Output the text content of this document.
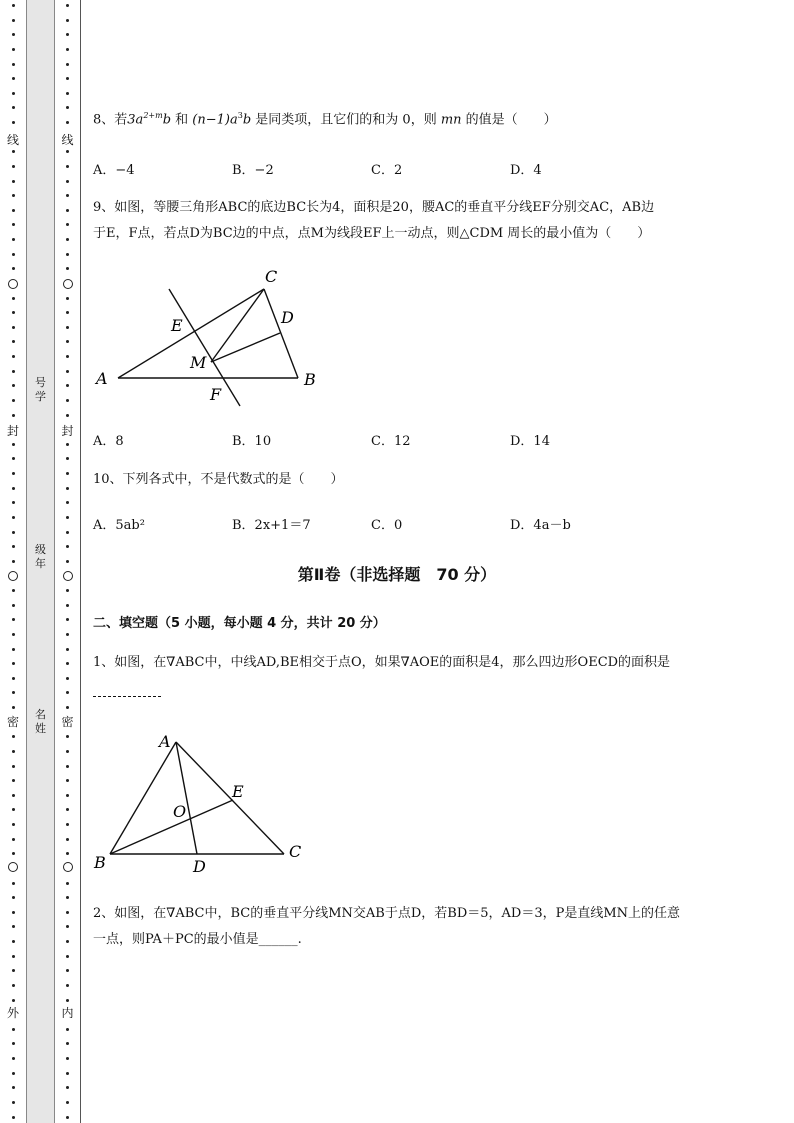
线
封
密
外
号学
级年
名姓
线
封
密
内
8、若$3a^{2+m}b$ 和 $(n-1)a^3b$ 是同类项，且它们的和为 0，则 mn 的值是（　　）
A．−4	B．−2	C．2	D．4
9、如图，等腰三角形ABC的底边BC长为4，面积是20，腰AC的垂直平分线EF分别交AC，AB边
于E，F点，若点D为BC边的中点，点M为线段EF上一动点，则△CDM 周长的最小值为（　　）
C
D
E
M
A	B
F
A．8	B．10	C．12	D．14
10、下列各式中，不是代数式的是（　　）
A．5ab²	B．2x+1＝7	C．0	D．4a－b
第Ⅱ卷（非选择题　70 分）
二、填空题（5 小题，每小题 4 分，共计 20 分）
1、如图，在∇ABC中，中线AD,BE相交于点O，如果∇AOE的面积是4，那么四边形OECD的面积是
A
E
O
B	D
C
2、如图，在∇ABC中，BC的垂直平分线MN交AB于点D，若BD＝5，AD＝3，P是直线MN上的任意
一点，则PA＋PC的最小值是______.
